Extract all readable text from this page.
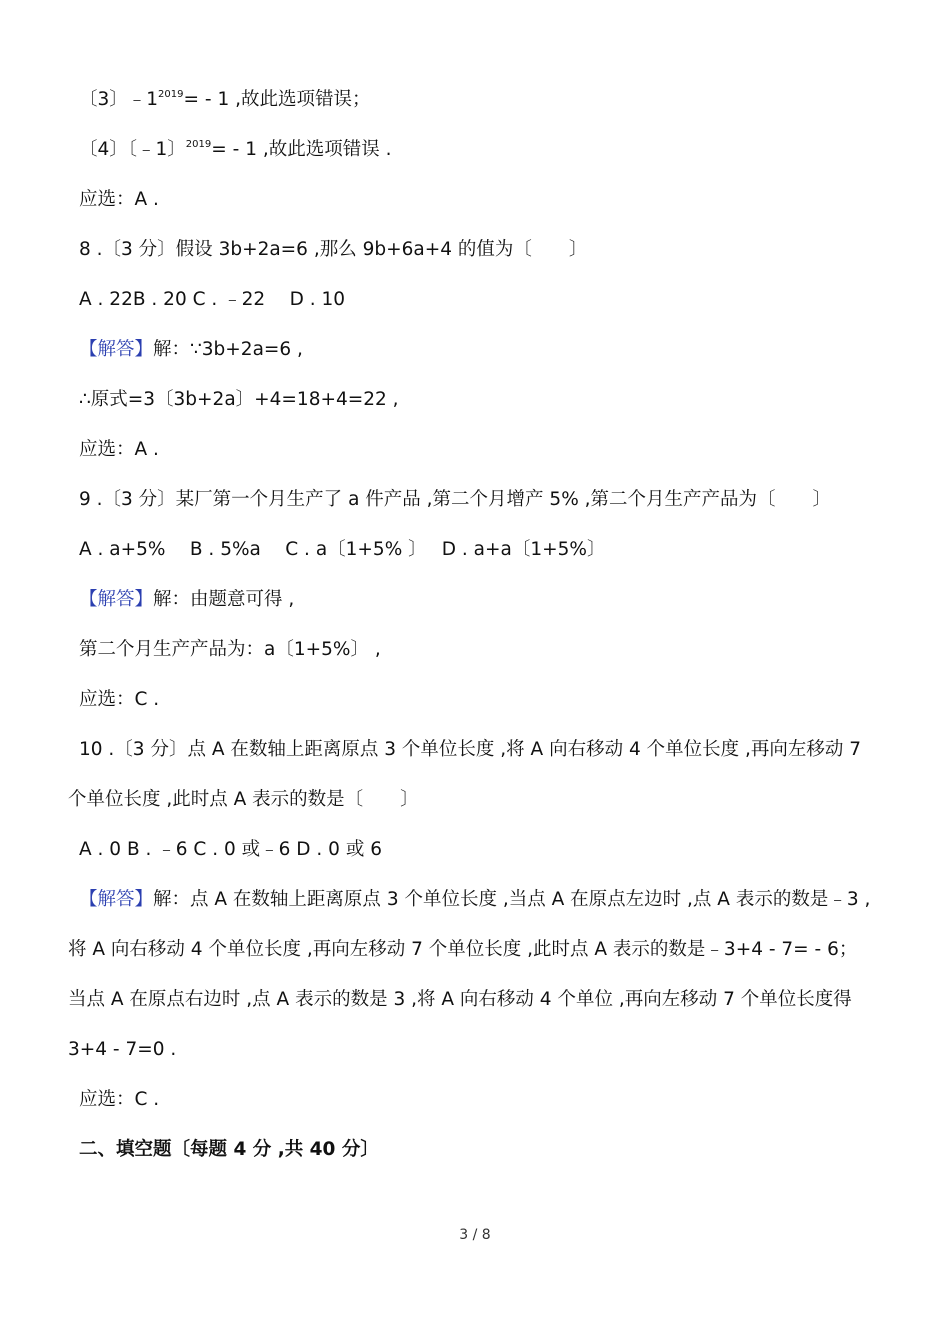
〔3〕$﹣1^{2019}= - 1$ ,故此选项错误；
〔4〕〔﹣1〕$^{2019}$= - 1 ,故此选项错误 .
应选：A .
8 .〔3 分〕假设 3b+2a=6 ,那么 9b+6a+4 的值为〔　　〕
A . 22B . 20 C . ﹣22　 D . 10
【解答】解：∵3b+2a=6 ,
∴原式=3〔3b+2a〕+4=18+4=22 ,
应选：A .
9 .〔3 分〕某厂第一个月生产了 a 件产品 ,第二个月增产 5% ,第二个月生产产品为〔　　〕
A . a+5%　 B . 5%a　 C . a〔1+5% 〕　 D . a+a〔1+5%〕
【解答】解：由题意可得 ,
第二个月生产产品为：a〔1+5%〕 ,
应选：C .
10 .〔3 分〕点 A 在数轴上距离原点 3 个单位长度 ,将 A 向右移动 4 个单位长度 ,再向左移动 7
个单位长度 ,此时点 A 表示的数是〔　　〕
A . 0 B . ﹣6 C . 0 或﹣6 D . 0 或 6
【解答】解：点 A 在数轴上距离原点 3 个单位长度 ,当点 A 在原点左边时 ,点 A 表示的数是﹣3 ,
将 A 向右移动 4 个单位长度 ,再向左移动 7 个单位长度 ,此时点 A 表示的数是﹣3+4 - 7= - 6；
当点 A 在原点右边时 ,点 A 表示的数是 3 ,将 A 向右移动 4 个单位 ,再向左移动 7 个单位长度得
3+4 - 7=0 .
应选：C .
二、填空题〔每题 4 分 ,共 40 分〕
3 / 8
